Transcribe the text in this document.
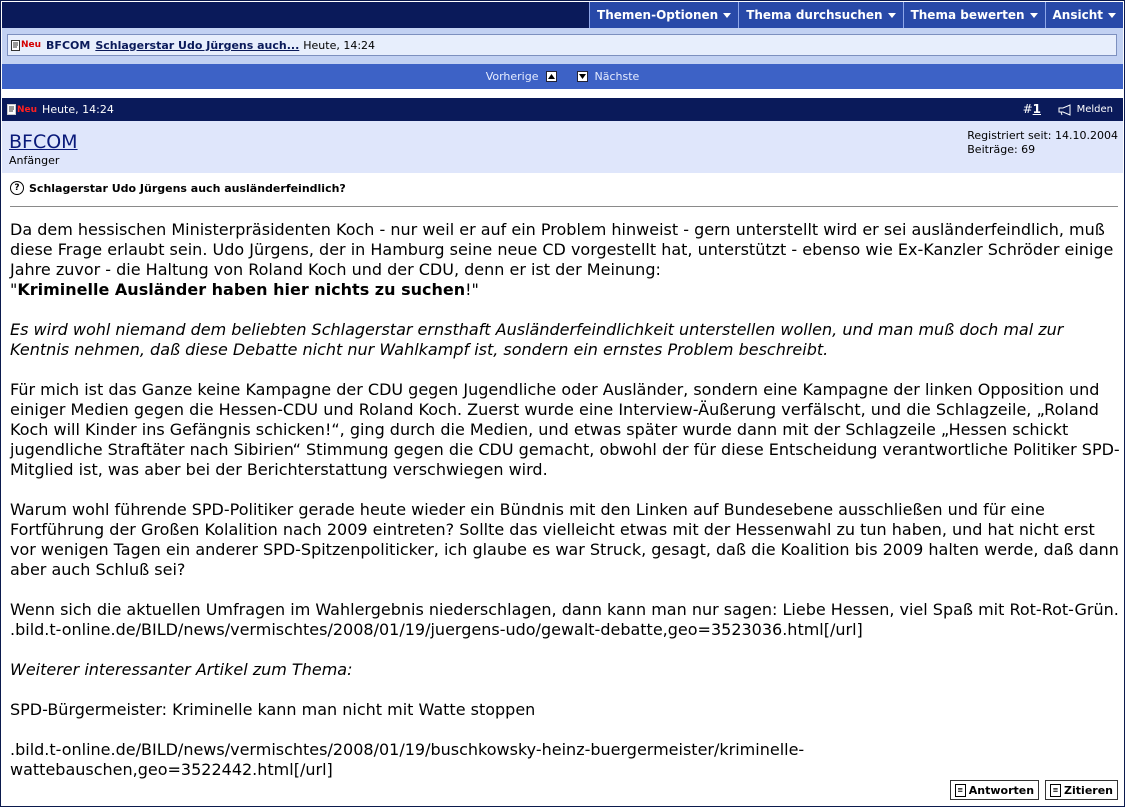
Themen-Optionen Thema durchsuchen Thema bewerten Ansicht
Neu BFCOM Schlagerstar Udo Jürgens auch... Heute, 14:24
Vorherige	Nächste
Neu Heute, 14:24	#1	Melden
BFCOM
Anfänger
Registriert seit: 14.10.2004
Beiträge: 69
? Schlagerstar Udo Jürgens auch ausländerfeindlich?

Da dem hessischen Ministerpräsidenten Koch - nur weil er auf ein Problem hinweist - gern unterstellt wird er sei ausländerfeindlich, muß diese Frage erlaubt sein. Udo Jürgens, der in Hamburg seine neue CD vorgestellt hat, unterstützt - ebenso wie Ex-Kanzler Schröder einige Jahre zuvor - die Haltung von Roland Koch und der CDU, denn er ist der Meinung:
"Kriminelle Ausländer haben hier nichts zu suchen!"

Es wird wohl niemand dem beliebten Schlagerstar ernsthaft Ausländerfeindlichkeit unterstellen wollen, und man muß doch mal zur Kentnis nehmen, daß diese Debatte nicht nur Wahlkampf ist, sondern ein ernstes Problem beschreibt.

Für mich ist das Ganze keine Kampagne der CDU gegen Jugendliche oder Ausländer, sondern eine Kampagne der linken Opposition und einiger Medien gegen die Hessen-CDU und Roland Koch. Zuerst wurde eine Interview-Äußerung verfälscht, und die Schlagzeile, „Roland Koch will Kinder ins Gefängnis schicken!“, ging durch die Medien, und etwas später wurde dann mit der Schlagzeile „Hessen schickt jugendliche Straftäter nach Sibirien“ Stimmung gegen die CDU gemacht, obwohl der für diese Entscheidung verantwortliche Politiker SPD-Mitglied ist, was aber bei der Berichterstattung verschwiegen wird.

Warum wohl führende SPD-Politiker gerade heute wieder ein Bündnis mit den Linken auf Bundesebene ausschließen und für eine Fortführung der Großen Kolalition nach 2009 eintreten? Sollte das vielleicht etwas mit der Hessenwahl zu tun haben, und hat nicht erst vor wenigen Tagen ein anderer SPD-Spitzenpoliticker, ich glaube es war Struck, gesagt, daß die Koalition bis 2009 halten werde, daß dann aber auch Schluß sei?

Wenn sich die aktuellen Umfragen im Wahlergebnis niederschlagen, dann kann man nur sagen: Liebe Hessen, viel Spaß mit Rot-Rot-Grün. .bild.t-online.de/BILD/news/vermischtes/2008/01/19/juergens-udo/gewalt-debatte,geo=3523036.html[/url]

Weiterer interessanter Artikel zum Thema:

SPD-Bürgermeister: Kriminelle kann man nicht mit Watte stoppen

.bild.t-online.de/BILD/news/vermischtes/2008/01/19/buschkowsky-heinz-buergermeister/kriminelle-wattebauschen,geo=3522442.html[/url]

≡ Antworten	≡ Zitieren
